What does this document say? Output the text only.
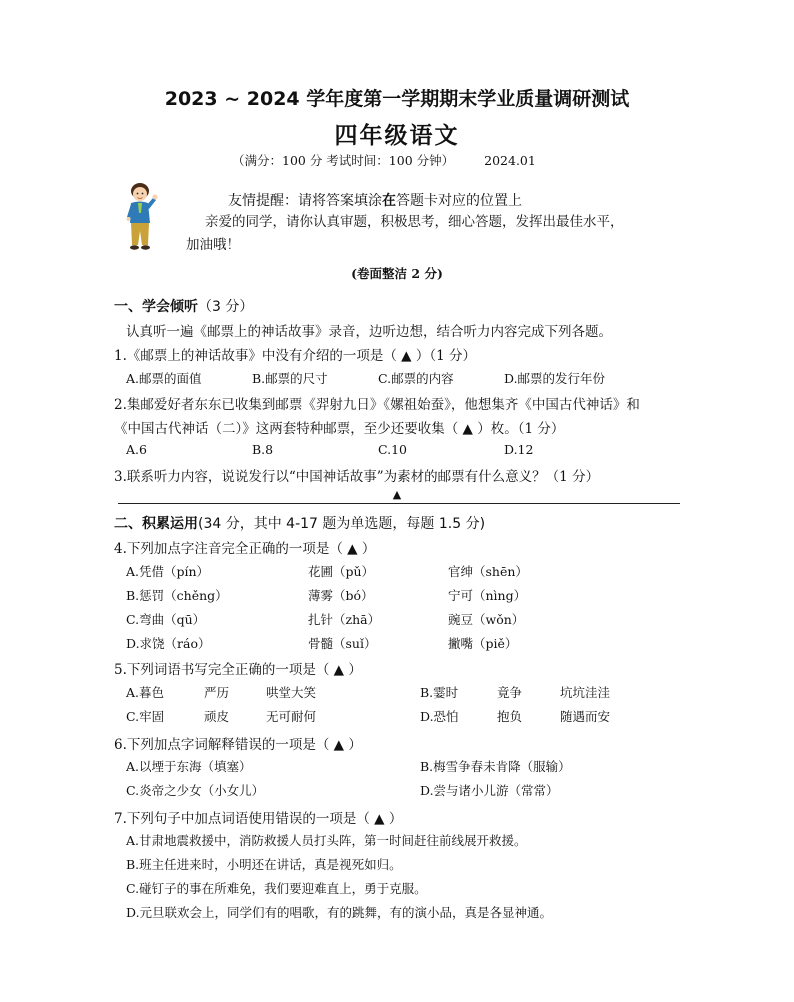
2023 ~ 2024 学年度第一学期期末学业质量调研测试
四年级语文
（满分：100 分 考试时间：100 分钟） 2024.01
友情提醒：请将答案填涂在答题卡对应的位置上
亲爱的同学，请你认真审题，积极思考，细心答题，发挥出最佳水平，
加油哦！
(卷面整洁 2 分)
一、学会倾听（3 分）
认真听一遍《邮票上的神话故事》录音，边听边想，结合听力内容完成下列各题。
1.《邮票上的神话故事》中没有介绍的一项是（ ▲ ）（1 分）
A.邮票的面值	B.邮票的尺寸	C.邮票的内容	D.邮票的发行年份
2.集邮爱好者东东已收集到邮票《羿射九日》《嫘祖始蚕》，他想集齐《中国古代神话》和
《中国古代神话（二）》这两套特种邮票，至少还要收集（ ▲ ）枚。（1 分）
A.6	B.8	C.10	D.12
3.联系听力内容，说说发行以“中国神话故事”为素材的邮票有什么意义？（1 分）
▲
二、积累运用(34 分，其中 4-17 题为单选题，每题 1.5 分)
4.下列加点字注音完全正确的一项是（ ▲ ）
A.凭借（pín）	花圃（pǔ）	官绅（shēn）
B.惩罚（chěng）	薄雾（bó）	宁可（nìng）
C.弯曲（qū）	扎针（zhā）	豌豆（wǒn）
D.求饶（ráo）	骨髓（suǐ）	撇嘴（piě）
5.下列词语书写完全正确的一项是（ ▲ ）
A.暮色	严历	哄堂大笑	B.霎时	竟争	坑坑洼洼
C.牢固	顽皮	无可耐何	D.恐怕	抱负	随遇而安
6.下列加点字词解释错误的一项是（ ▲ ）
A.以堙于东海（填塞）	B.梅雪争春未肯降（服输）
C.炎帝之少女（小女儿）	D.尝与诸小儿游（常常）
7.下列句子中加点词语使用错误的一项是（ ▲ ）
A.甘肃地震救援中，消防救援人员打头阵，第一时间赶往前线展开救援。
B.班主任进来时，小明还在讲话，真是视死如归。
C.碰钉子的事在所难免，我们要迎难直上，勇于克服。
D.元旦联欢会上，同学们有的唱歌，有的跳舞，有的演小品，真是各显神通。
